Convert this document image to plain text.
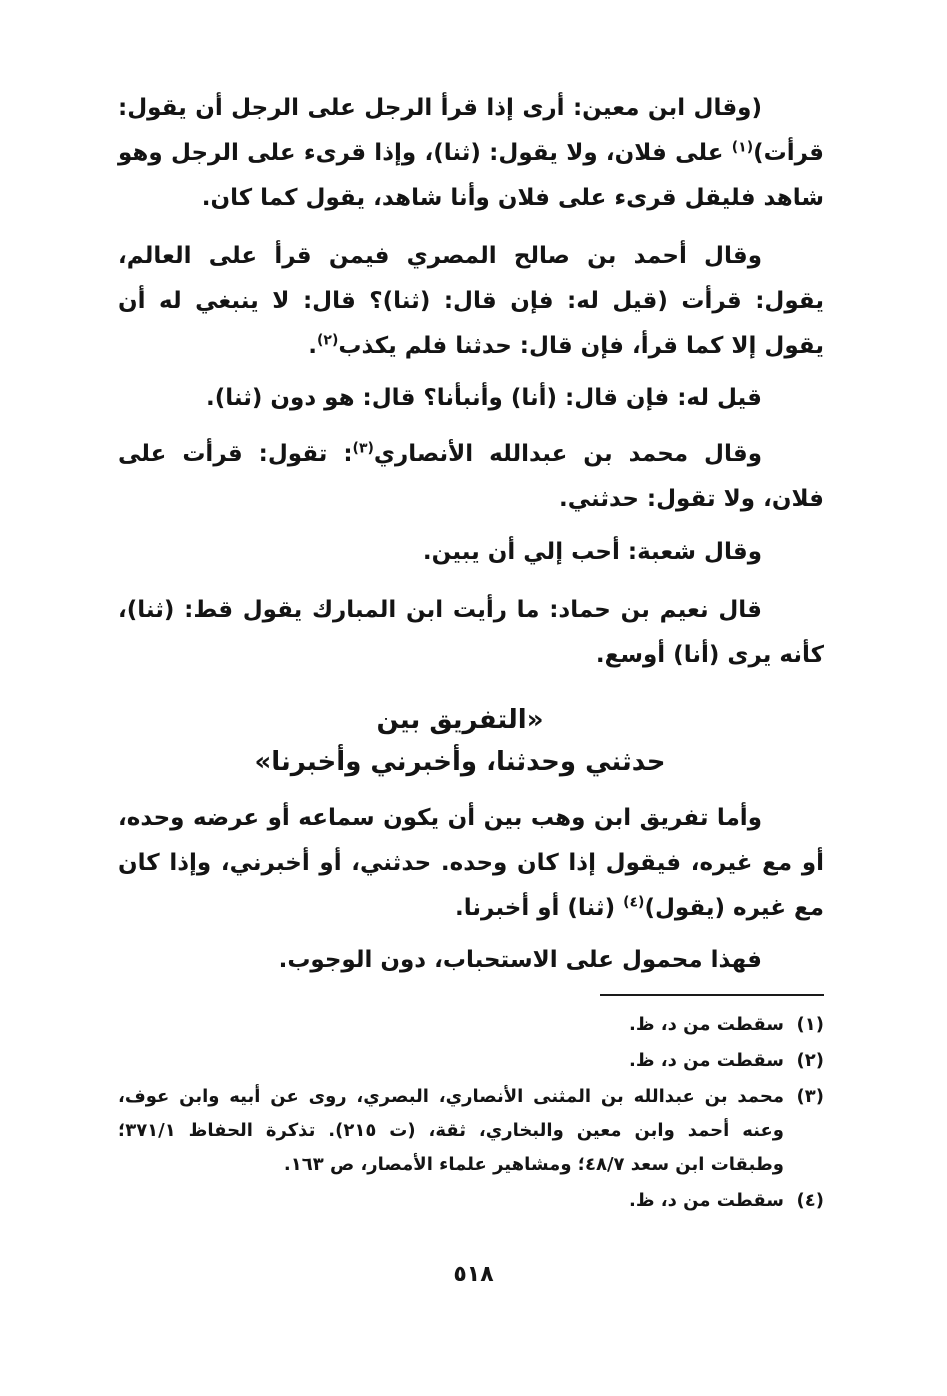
(وقال ابن معين: أرى إذا قرأ الرجل على الرجل أن يقول: قرأت)$^{(١)}$ على فلان، ولا يقول: (ثنا)، وإذا قرىء على الرجل وهو شاهد فليقل قرىء على فلان وأنا شاهد، يقول كما كان.

وقال أحمد بن صالح المصري فيمن قرأ على العالم، يقول: قرأت (قيل له: فإن قال: (ثنا)؟ قال: لا ينبغي له أن يقول إلا كما قرأ، فإن قال: حدثنا فلم يكذب$^{(٢)}$.

قيل له: فإن قال: (أنا) وأنبأنا؟ قال: هو دون (ثنا).

وقال محمد بن عبدالله الأنصاري$^{(٣)}$: تقول: قرأت على فلان، ولا تقول: حدثني.

وقال شعبة: أحب إلي أن يبين.

قال نعيم بن حماد: ما رأيت ابن المبارك يقول قط: (ثنا)، كأنه يرى (أنا) أوسع.

«التفريق بين
حدثني وحدثنا، وأخبرني وأخبرنا»

وأما تفريق ابن وهب بين أن يكون سماعه أو عرضه وحده، أو مع غيره، فيقول إذا كان وحده. حدثني، أو أخبرني، وإذا كان مع غيره (يقول)$^{(٤)}$ (ثنا) أو أخبرنا.

فهذا محمول على الاستحباب، دون الوجوب.

(١)
سقطت من د، ظ.
(٢)
سقطت من د، ظ.
(٣)
محمد بن عبدالله بن المثنى الأنصاري، البصري، روى عن أبيه وابن عوف، وعنه أحمد وابن معين والبخاري، ثقة، (ت ٢١٥). تذكرة الحفاظ ٣٧١/١؛ وطبقات ابن سعد ٤٨/٧؛ ومشاهير علماء الأمصار، ص ١٦٣.
(٤)
سقطت من د، ظ.
٥١٨
